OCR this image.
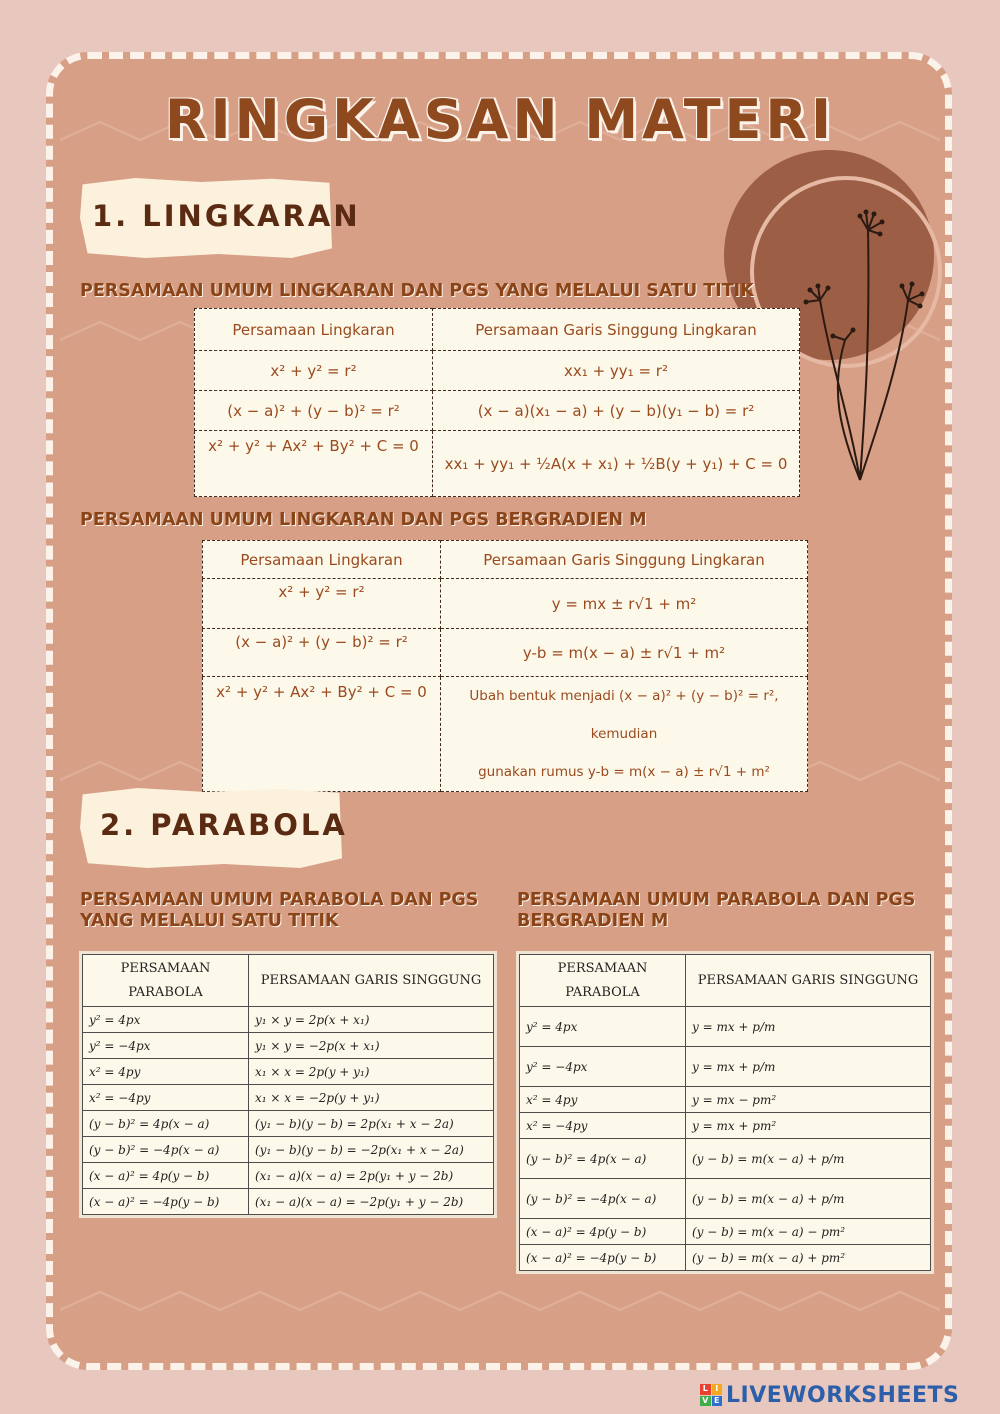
RINGKASAN MATERI
1. LINGKARAN
PERSAMAAN UMUM LINGKARAN DAN PGS YANG MELALUI SATU TITIK
Persamaan Lingkaran	Persamaan Garis Singgung Lingkaran
x² + y² = r²	xx₁ + yy₁ = r²
(x − a)² + (y − b)² = r²	(x − a)(x₁ − a) + (y − b)(y₁ − b) = r²
x² + y² + Ax² + By² + C = 0	xx₁ + yy₁ + ½A(x + x₁) + ½B(y + y₁) + C = 0
PERSAMAAN UMUM LINGKARAN DAN PGS BERGRADIEN M
Persamaan Lingkaran	Persamaan Garis Singgung Lingkaran
x² + y² = r²	y = mx ± r√1 + m²
(x − a)² + (y − b)² = r²	y-b = m(x − a) ± r√1 + m²
x² + y² + Ax² + By² + C = 0	Ubah bentuk menjadi (x − a)² + (y − b)² = r², kemudian
gunakan rumus y-b = m(x − a) ± r√1 + m²
2. PARABOLA
PERSAMAAN UMUM PARABOLA DAN PGS YANG MELALUI SATU TITIK
PERSAMAAN UMUM PARABOLA DAN PGS BERGRADIEN M
PERSAMAAN
PARABOLA	PERSAMAAN GARIS SINGGUNG
y² = 4px	y₁ × y = 2p(x + x₁)
y² = −4px	y₁ × y = −2p(x + x₁)
x² = 4py	x₁ × x = 2p(y + y₁)
x² = −4py	x₁ × x = −2p(y + y₁)
(y − b)² = 4p(x − a)	(y₁ − b)(y − b) = 2p(x₁ + x − 2a)
(y − b)² = −4p(x − a)	(y₁ − b)(y − b) = −2p(x₁ + x − 2a)
(x − a)² = 4p(y − b)	(x₁ − a)(x − a) = 2p(y₁ + y − 2b)
(x − a)² = −4p(y − b)	(x₁ − a)(x − a) = −2p(y₁ + y − 2b)
PERSAMAAN
PARABOLA	PERSAMAAN GARIS SINGGUNG
y² = 4px	y = mx + p/m
y² = −4px	y = mx + p/m
x² = 4py	y = mx − pm²
x² = −4py	y = mx + pm²
(y − b)² = 4p(x − a)	(y − b) = m(x − a) + p/m
(y − b)² = −4p(x − a)	(y − b) = m(x − a) + p/m
(x − a)² = 4p(y − b)	(y − b) = m(x − a) − pm²
(x − a)² = −4p(y − b)	(y − b) = m(x − a) + pm²
L I
V E LIVEWORKSHEETS
